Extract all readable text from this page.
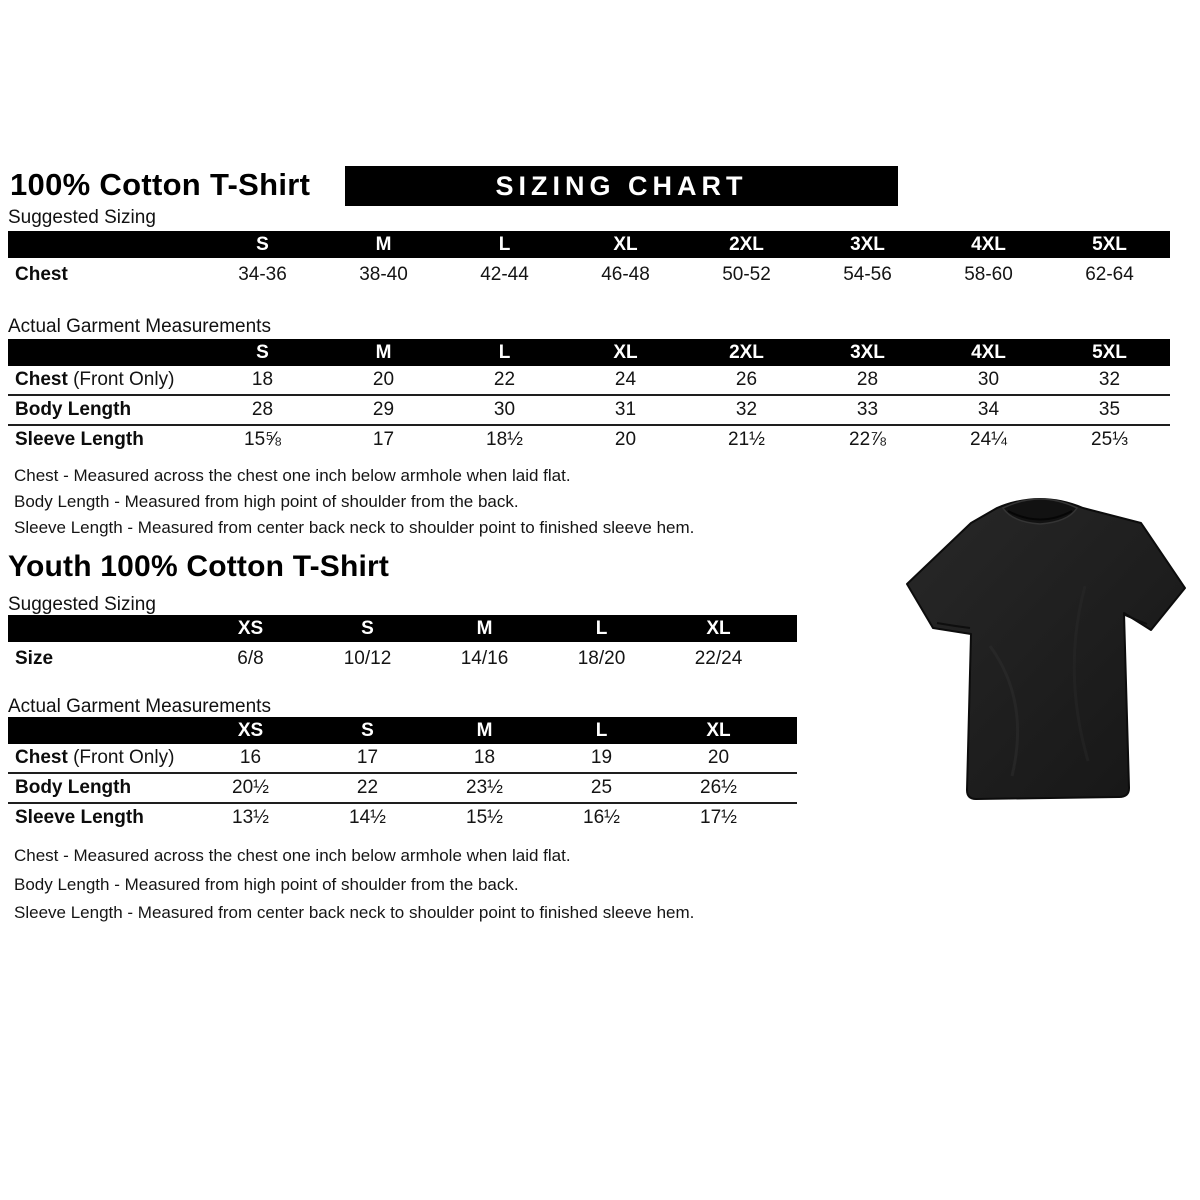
100% Cotton T-Shirt	SIZING CHART
Suggested Sizing
	S	M	L	XL	2XL	3XL	4XL	5XL
Chest	34-36	38-40	42-44	46-48	50-52	54-56	58-60	62-64
Actual Garment Measurements
	S	M	L	XL	2XL	3XL	4XL	5XL
Chest (Front Only)	18	20	22	24	26	28	30	32
Body Length	28	29	30	31	32	33	34	35
Sleeve Length	15⅝	17	18½	20	21½	22⅞	24¼	25⅓
Chest - Measured across the chest one inch below armhole when laid flat.
Body Length - Measured from high point of shoulder from the back.
Sleeve Length - Measured from center back neck to shoulder point to finished sleeve hem.
Youth 100% Cotton T-Shirt
Suggested Sizing
	XS	S	M	L	XL	
Size	6/8	10/12	14/16	18/20	22/24	
Actual Garment Measurements
	XS	S	M	L	XL	
Chest (Front Only)	16	17	18	19	20	
Body Length	20½	22	23½	25	26½	
Sleeve Length	13½	14½	15½	16½	17½	
Chest - Measured across the chest one inch below armhole when laid flat.
Body Length - Measured from high point of shoulder from the back.
Sleeve Length - Measured from center back neck to shoulder point to finished sleeve hem.
